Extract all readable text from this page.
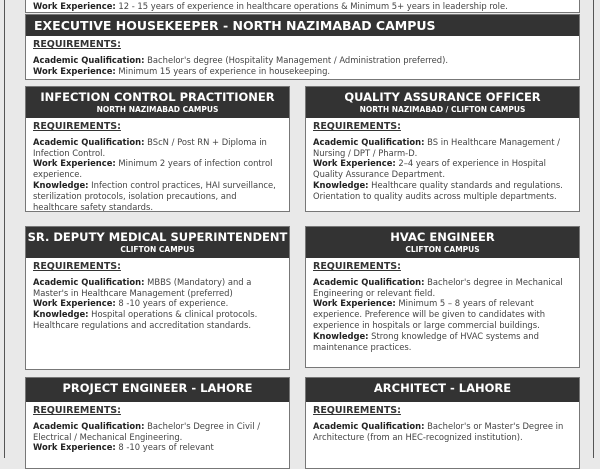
Work Experience: 12 - 15 years of experience in healthcare operations & Minimum 5+ years in leadership role.
EXECUTIVE HOUSEKEEPER - NORTH NAZIMABAD CAMPUS
REQUIREMENTS:
Academic Qualification: Bachelor's degree (Hospitality Management / Administration preferred).
Work Experience: Minimum 15 years of experience in housekeeping.
INFECTION CONTROL PRACTITIONER
NORTH NAZIMABAD CAMPUS
REQUIREMENTS:
Academic Qualification: BScN / Post RN + Diploma in Infection Control.
Work Experience: Minimum 2 years of infection control experience.
Knowledge: Infection control practices, HAI surveillance, sterilization protocols, isolation precautions, and healthcare safety standards.
QUALITY ASSURANCE OFFICER
NORTH NAZIMABAD / CLIFTON CAMPUS
REQUIREMENTS:
Academic Qualification: BS in Healthcare Management / Nursing / DPT / Pharm-D.
Work Experience: 2–4 years of experience in Hospital Quality Assurance Department.
Knowledge: Healthcare quality standards and regulations. Orientation to quality audits across multiple departments.
SR. DEPUTY MEDICAL SUPERINTENDENT
CLIFTON CAMPUS
REQUIREMENTS:
Academic Qualification: MBBS (Mandatory) and a Master's in Healthcare Management (preferred)
Work Experience: 8 -10 years of experience.
Knowledge: Hospital operations & clinical protocols. Healthcare regulations and accreditation standards.
HVAC ENGINEER
CLIFTON CAMPUS
REQUIREMENTS:
Academic Qualification: Bachelor's degree in Mechanical Engineering or relevant field.
Work Experience: Minimum 5 – 8 years of relevant experience. Preference will be given to candidates with experience in hospitals or large commercial buildings.
Knowledge: Strong knowledge of HVAC systems and maintenance practices.
PROJECT ENGINEER - LAHORE
REQUIREMENTS:
Academic Qualification: Bachelor's Degree in Civil / Electrical / Mechanical Engineering.
Work Experience: 8 -10 years of relevant
ARCHITECT - LAHORE
REQUIREMENTS:
Academic Qualification: Bachelor's or Master's Degree in Architecture (from an HEC-recognized institution).
